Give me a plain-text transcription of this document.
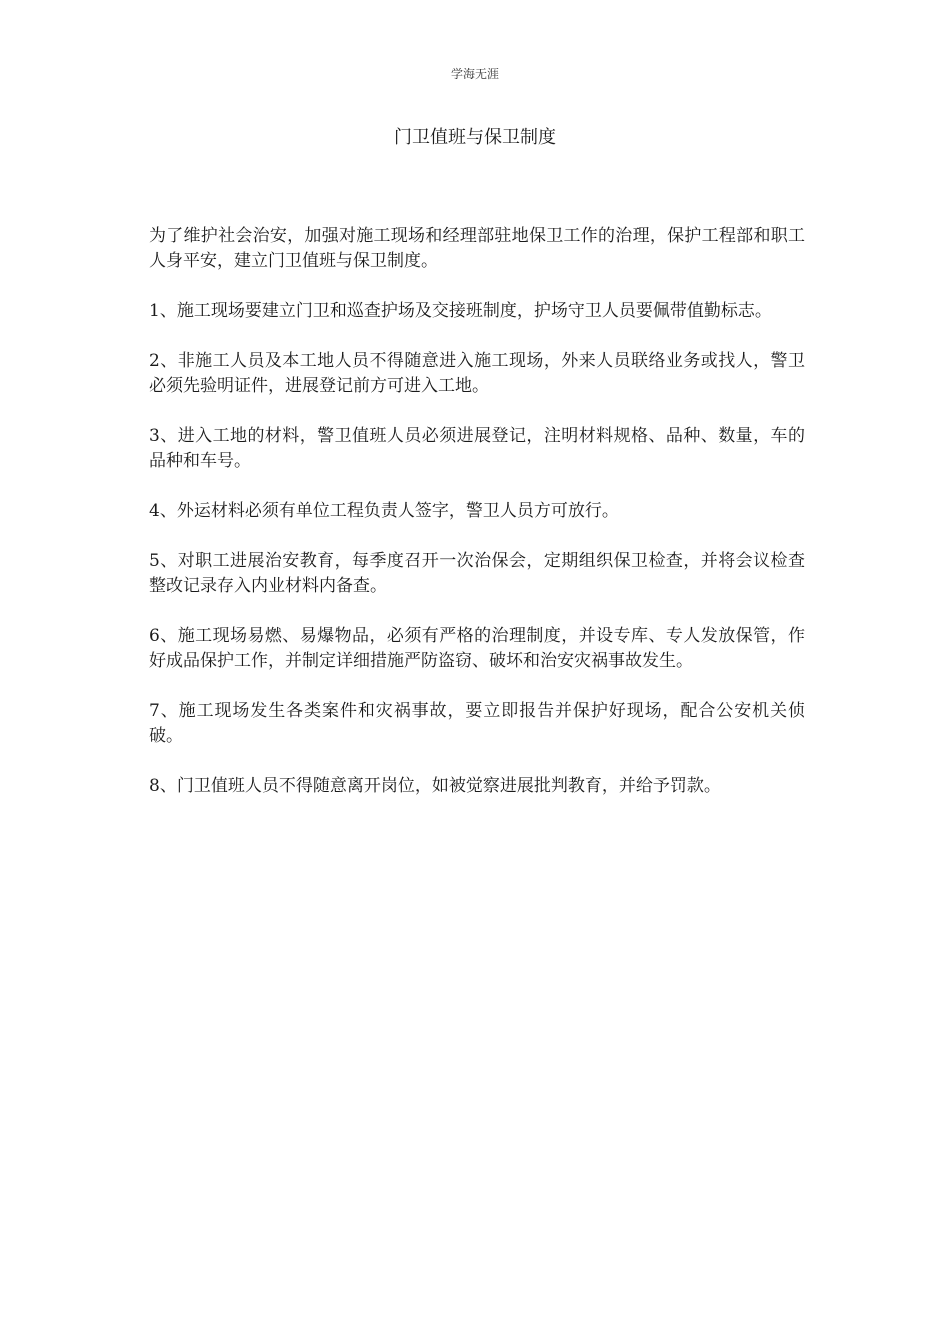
学海无涯
门卫值班与保卫制度

为了维护社会治安，加强对施工现场和经理部驻地保卫工作的治理，保护工程部和职工人身平安，建立门卫值班与保卫制度。

1、施工现场要建立门卫和巡查护场及交接班制度，护场守卫人员要佩带值勤标志。

2、非施工人员及本工地人员不得随意进入施工现场，外来人员联络业务或找人，警卫必须先验明证件，进展登记前方可进入工地。

3、进入工地的材料，警卫值班人员必须进展登记，注明材料规格、品种、数量，车的品种和车号。

4、外运材料必须有单位工程负责人签字，警卫人员方可放行。

5、对职工进展治安教育，每季度召开一次治保会，定期组织保卫检查，并将会议检查整改记录存入内业材料内备查。

6、施工现场易燃、易爆物品，必须有严格的治理制度，并设专库、专人发放保管，作好成品保护工作，并制定详细措施严防盗窃、破坏和治安灾祸事故发生。

7、施工现场发生各类案件和灾祸事故，要立即报告并保护好现场，配合公安机关侦破。

8、门卫值班人员不得随意离开岗位，如被觉察进展批判教育，并给予罚款。
